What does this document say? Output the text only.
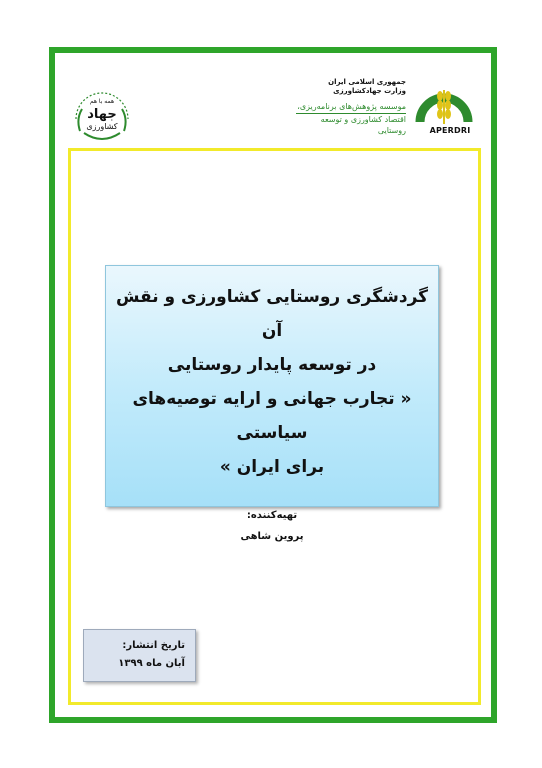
همه با هم
جهاد
کشاورزی
جمهوری اسلامی ایران
وزارت جهادکشاورزی
موسسه پژوهش‌های برنامه‌ریزی،
اقتصاد کشاورزی و توسعه روستایی	APERDRI
گردشگری روستایی کشاورزی و نقش آن
در توسعه پایدار روستایی
« تجارب جهانی و ارایه توصیه‌های سیاستی
برای ایران »
تهیه‌کننده:
پروین شاهی
تاریخ انتشار:
آبان ماه ۱۳۹۹
